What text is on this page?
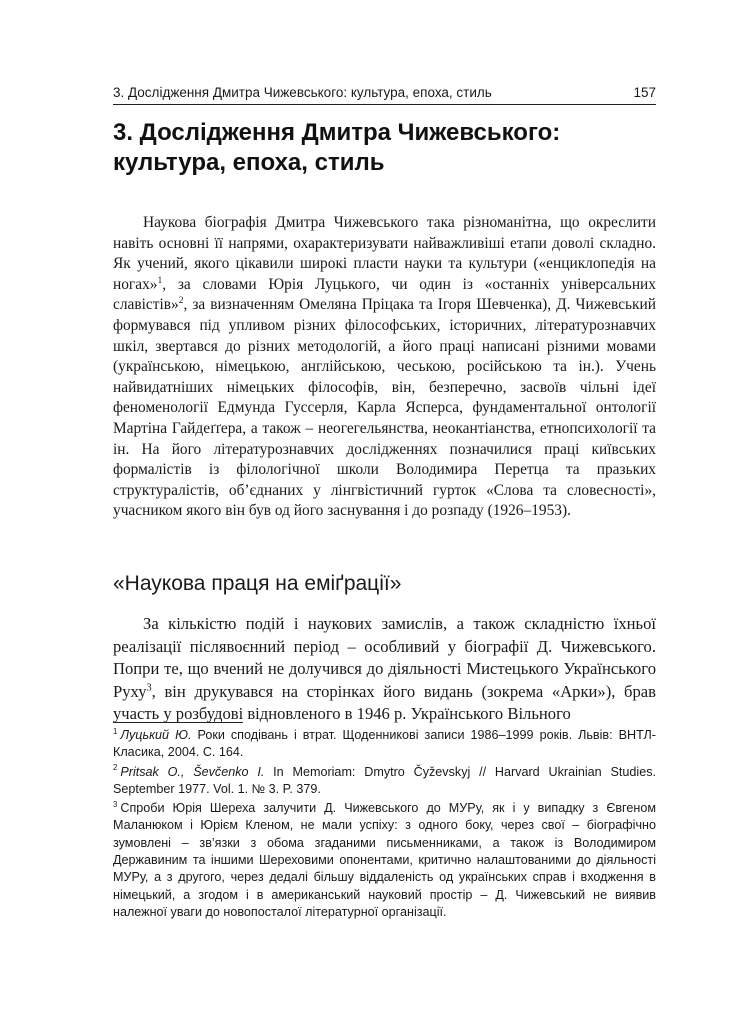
3. Дослідження Дмитра Чижевського: культура, епоха, стиль	157
3. Дослідження Дмитра Чижевського:
культура, епоха, стиль

Наукова біографія Дмитра Чижевського така різноманітна, що окреслити навіть основні її напрями, охарактеризувати найважливіші етапи доволі складно. Як учений, якого цікавили широкі пласти науки та культури («енциклопедія на ногах»$^1$, за словами Юрія Луцького, чи один із «останніх універсальних славістів»$^2$, за визначенням Омеляна Пріцака та Ігоря Шевченка), Д. Чижевський формувався під упливом різних філософських, історичних, літературознавчих шкіл, звертався до різних методологій, а його праці написані різними мовами (українською, німецькою, англійською, чеською, російською та ін.). Учень найвидатніших німецьких філософів, він, безперечно, засвоїв чільні ідеї феноменології Едмунда Гуссерля, Карла Ясперса, фундаментальної онтології Мартіна Гайдеґґера, а також – неогегельянства, неокантіанства, етнопсихології та ін. На його літературознавчих дослідженнях позначилися праці київських формалістів із філологічної школи Володимира Перетца та празьких структуралістів, об’єднаних у лінгвістичний гурток «Слова та словесності», учасником якого він був од його заснування і до розпаду (1926–1953).

«Наукова праця на еміґрації»

За кількістю подій і наукових замислів, а також складністю їхньої реалізації післявоєнний період – особливий у біографії Д. Чижевського. Попри те, що вчений не долучився до діяльності Мистецького Українського Руху$^3$, він друкувався на сторінках його видань (зокрема «Арки»), брав участь у розбудові відновленого в 1946 р. Українського Вільного

$^1$ Луцький Ю. Роки сподівань і втрат. Щоденникові записи 1986–1999 років. Львів: ВНТЛ-Класика, 2004. С. 164.

$^2$ Pritsak O., Ševčenko I. In Memoriam: Dmytro Čyževskyj // Harvard Ukrainian Studies. September 1977. Vol. 1. № 3. P. 379.

$^3$ Спроби Юрія Шереха залучити Д. Чижевського до МУРу, як і у випадку з Євгеном Маланюком і Юрієм Кленом, не мали успіху: з одного боку, через свої – біографічно зумовлені – зв’язки з обома згаданими письменниками, а також із Володимиром Державиним та іншими Шереховими опонентами, критично налаштованими до діяльності МУРу, а з другого, через дедалі більшу віддаленість од українських справ і входження в німецький, а згодом і в американський науковий простір – Д. Чижевський не виявив належної уваги до новопосталої літературної організації.
